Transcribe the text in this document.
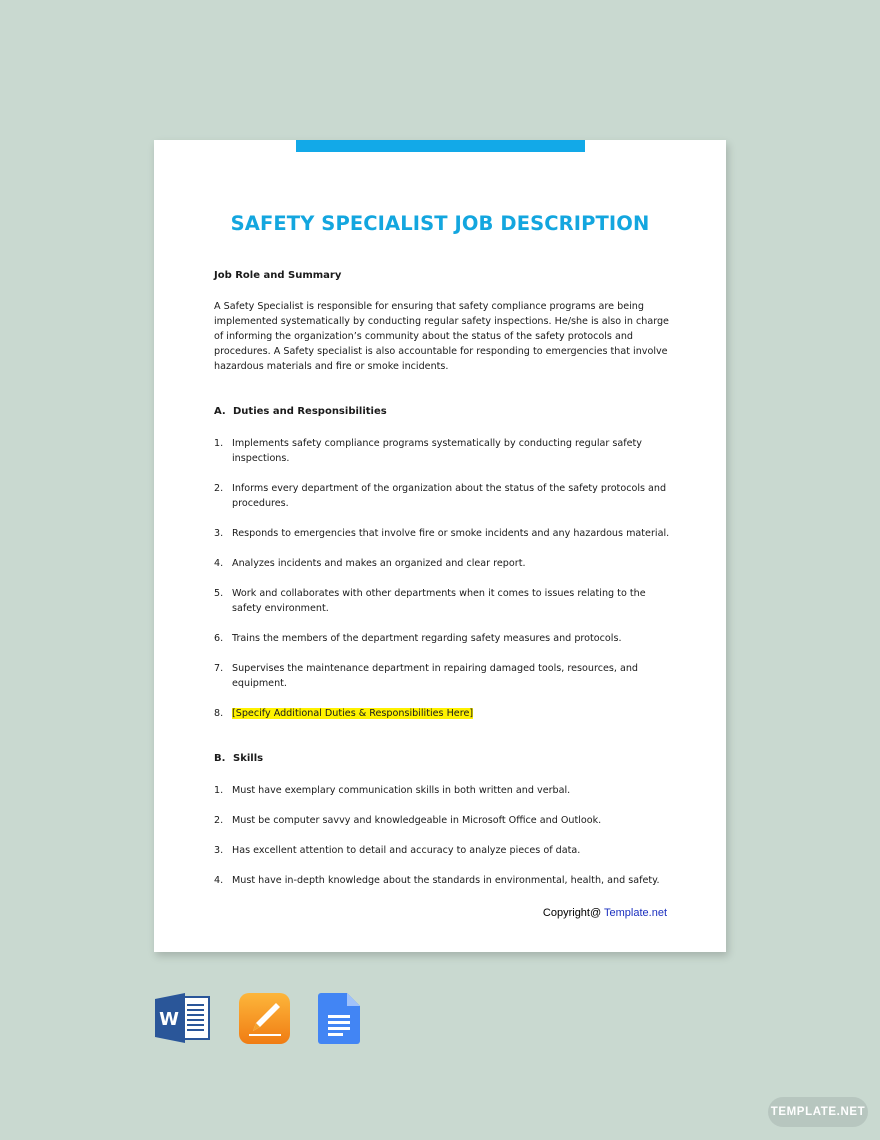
SAFETY SPECIALIST JOB DESCRIPTION
Job Role and Summary
A Safety Specialist is responsible for ensuring that safety compliance programs are being implemented systematically by conducting regular safety inspections. He/she is also in charge of informing the organization’s community about the status of the safety protocols and procedures. A Safety specialist is also accountable for responding to emergencies that involve hazardous materials and fire or smoke incidents.
A. Duties and Responsibilities
1. Implements safety compliance programs systematically by conducting regular safety inspections.
2. Informs every department of the organization about the status of the safety protocols and procedures.
3. Responds to emergencies that involve fire or smoke incidents and any hazardous material.
4. Analyzes incidents and makes an organized and clear report.
5. Work and collaborates with other departments when it comes to issues relating to the safety environment.
6. Trains the members of the department regarding safety measures and protocols.
7. Supervises the maintenance department in repairing damaged tools, resources, and equipment.
8. [Specify Additional Duties & Responsibilities Here]
B. Skills
1. Must have exemplary communication skills in both written and verbal.
2. Must be computer savvy and knowledgeable in Microsoft Office and Outlook.
3. Has excellent attention to detail and accuracy to analyze pieces of data.
4. Must have in-depth knowledge about the standards in environmental, health, and safety.
Copyright@ Template.net
W
TEMPLATE.NET
